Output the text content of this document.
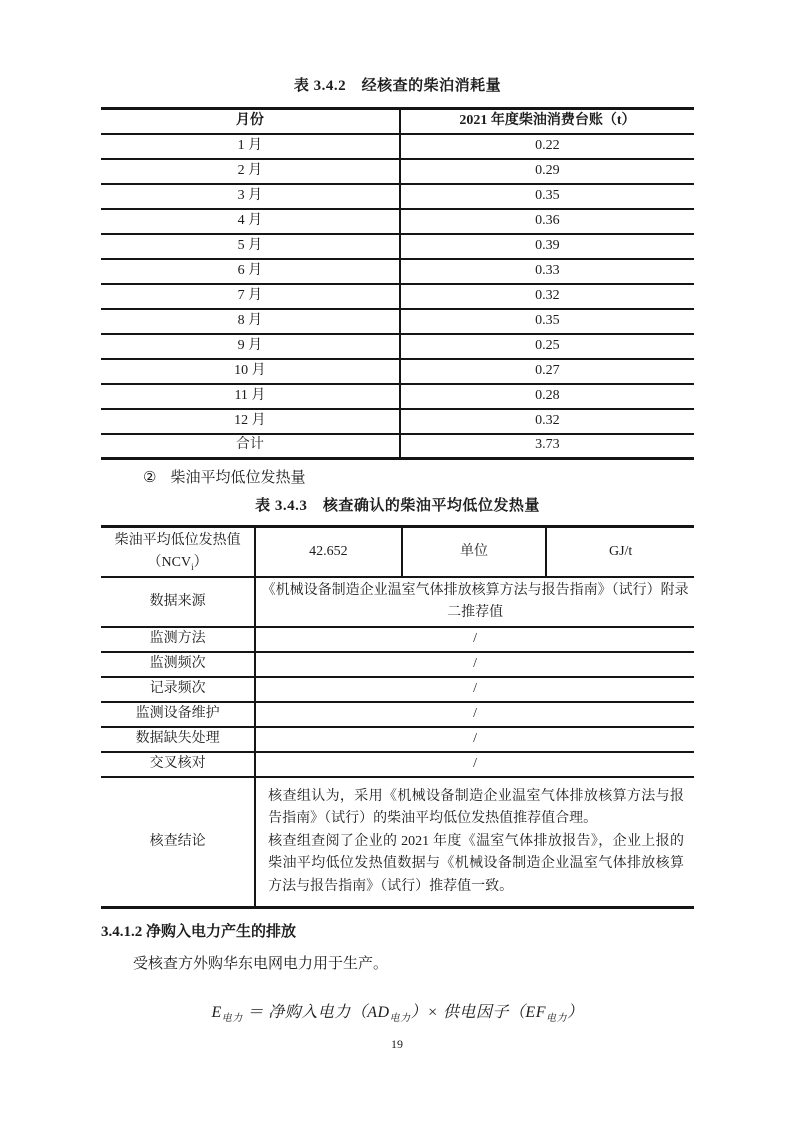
表 3.4.2　经核查的柴泊消耗量
月份	2021 年度柴油消费台账（t）
1 月	0.22
2 月	0.29
3 月	0.35
4 月	0.36
5 月	0.39
6 月	0.33
7 月	0.32
8 月	0.35
9 月	0.25
10 月	0.27
11 月	0.28
12 月	0.32
合计	3.73
② 柴油平均低位发热量
表 3.4.3　核查确认的柴油平均低位发热量
柴油平均低位发热值
$(NCV_i)$	42.652	单位	GJ/t
数据来源	《机械设备制造企业温室气体排放核算方法与报告指南》（试行）附录二推荐值		
监测方法	/		
监测频次	/		
记录频次	/		
监测设备维护	/		
数据缺失处理	/		
交叉核对	/		
核查结论	核查组认为，采用《机械设备制造企业温室气体排放核算方法与报告指南》（试行）的柴油平均低位发热值推荐值合理。
核查组查阅了企业的 2021 年度《温室气体排放报告》，企业上报的柴油平均低位发热值数据与《机械设备制造企业温室气体排放核算方法与报告指南》（试行）推荐值一致。		
3.4.1.2 净购入电力产生的排放
受核查方外购华东电网电力用于生产。
$E_{电力}$ ＝ 净购入电力$(AD_{电力})\times$ 供电因子$(EF_{电力})$
19
